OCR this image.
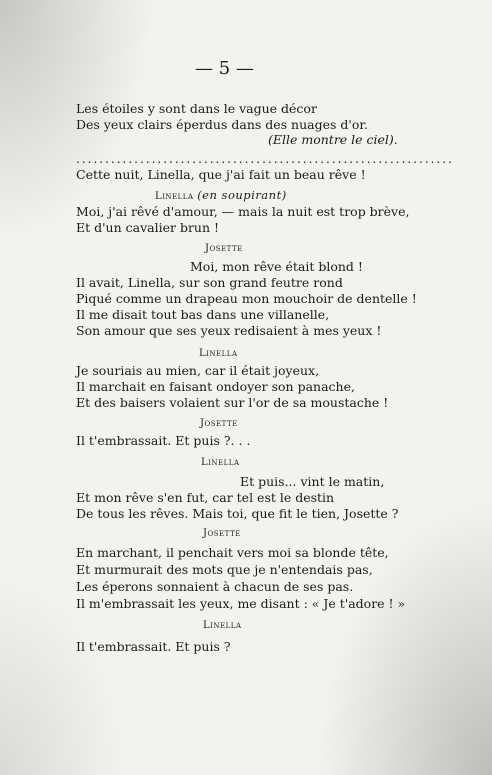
— 5 —
Les étoiles y sont dans le vague décor
Des yeux clairs éperdus dans des nuages d'or.
(Elle montre le ciel).
.................................................................
Cette nuit, Linella, que j'ai fait un beau rêve !
Linella (en soupirant)
Moi, j'ai rêvé d'amour, — mais la nuit est trop brève,
Et d'un cavalier brun !
Josette
Moi, mon rêve était blond !
Il avait, Linella, sur son grand feutre rond
Piqué comme un drapeau mon mouchoir de dentelle !
Il me disait tout bas dans une villanelle,
Son amour que ses yeux redisaient à mes yeux !
Linella
Je souriais au mien, car il était joyeux,
Il marchait en faisant ondoyer son panache,
Et des baisers volaient sur l'or de sa moustache !
Josette
Il t'embrassait. Et puis ?. . .
Linella
Et puis... vint le matin,
Et mon rêve s'en fut, car tel est le destin
De tous les rêves. Mais toi, que fit le tien, Josette ?
Josette
En marchant, il penchait vers moi sa blonde tête,
Et murmurait des mots que je n'entendais pas,
Les éperons sonnaient à chacun de ses pas.
Il m'embrassait les yeux, me disant : « Je t'adore ! »
Linella
Il t'embrassait. Et puis ?
